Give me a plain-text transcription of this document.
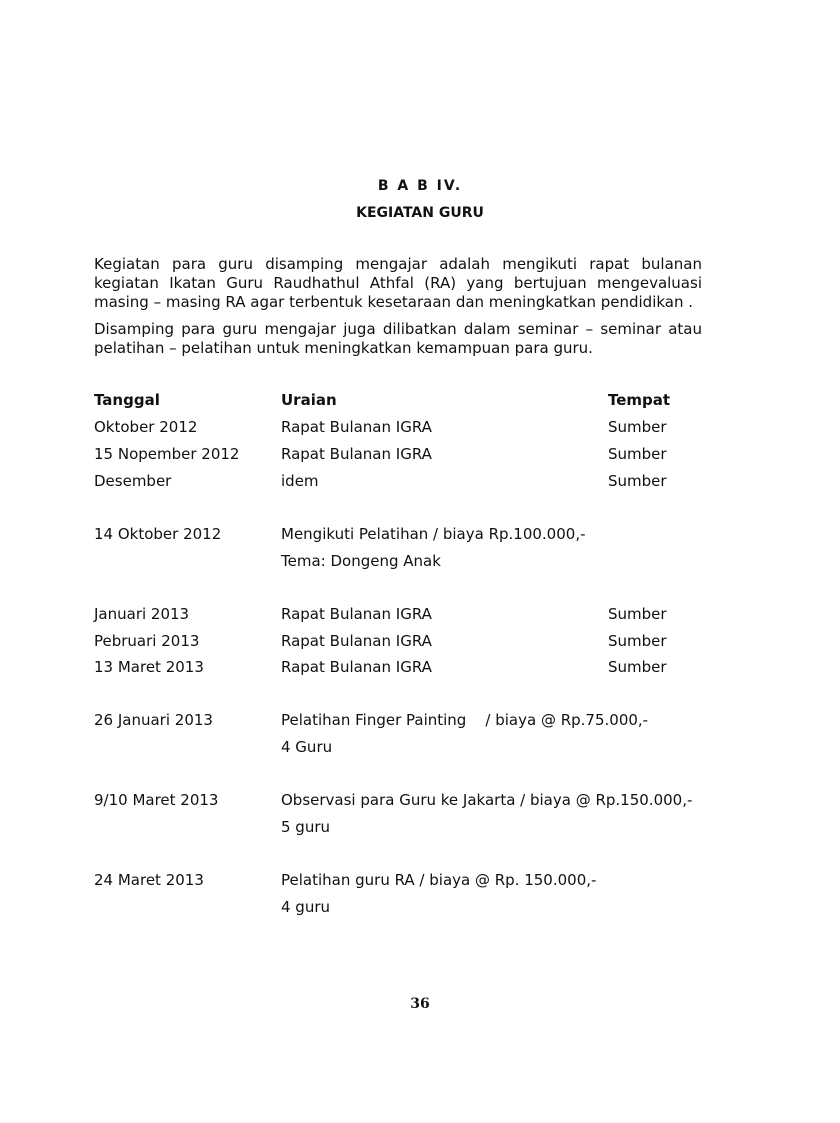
B A B IV.
KEGIATAN GURU

Kegiatan para guru disamping mengajar adalah mengikuti rapat bulanan kegiatan Ikatan Guru Raudhathul Athfal (RA) yang bertujuan mengevaluasi masing – masing RA agar terbentuk kesetaraan dan meningkatkan pendidikan .

Disamping para guru mengajar juga dilibatkan dalam seminar – seminar atau pelatihan – pelatihan untuk meningkatkan kemampuan para guru.

Tanggal	Uraian	Tempat
Oktober 2012	Rapat Bulanan IGRA	Sumber
15 Nopember 2012	Rapat Bulanan IGRA	Sumber
Desember	idem	Sumber
14 Oktober 2012	Mengikuti Pelatihan / biaya Rp.100.000,-
Tema: Dongeng Anak
Januari 2013	Rapat Bulanan IGRA	Sumber
Pebruari 2013	Rapat Bulanan IGRA	Sumber
13 Maret 2013	Rapat Bulanan IGRA	Sumber
26 Januari 2013	Pelatihan Finger Painting    / biaya @ Rp.75.000,-
4 Guru
9/10 Maret 2013	Observasi para Guru ke Jakarta / biaya @ Rp.150.000,-
5 guru
24 Maret 2013	Pelatihan guru RA / biaya @ Rp. 150.000,-
4 guru
36
